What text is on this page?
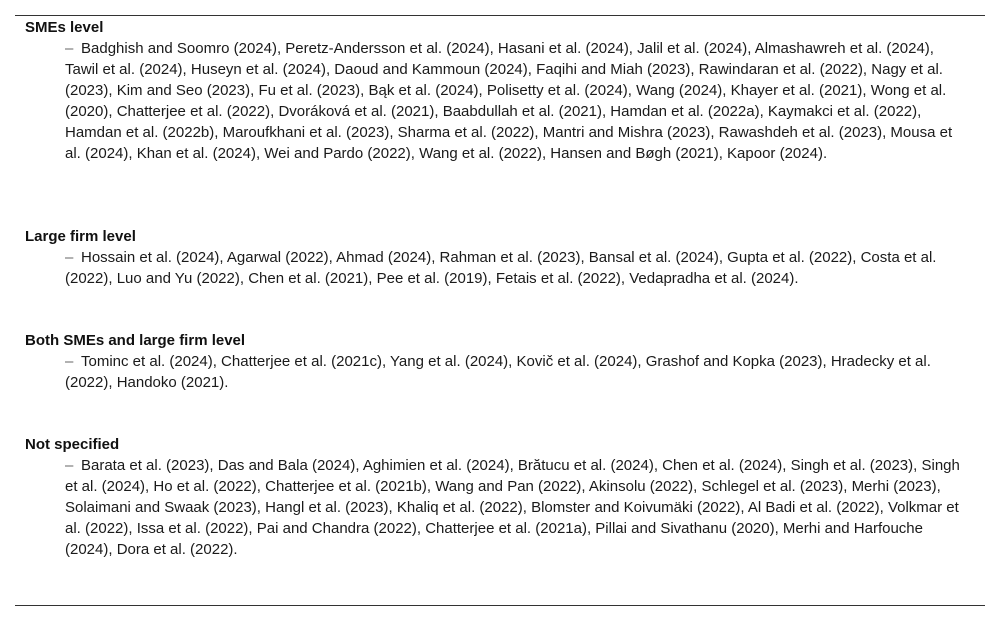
SMEs level
– Badghish and Soomro (2024), Peretz-Andersson et al. (2024), Hasani et al. (2024), Jalil et al. (2024), Almashawreh et al. (2024), Tawil et al. (2024), Huseyn et al. (2024), Daoud and Kammoun (2024), Faqihi and Miah (2023), Rawindaran et al. (2022), Nagy et al. (2023), Kim and Seo (2023), Fu et al. (2023), Bąk et al. (2024), Polisetty et al. (2024), Wang (2024), Khayer et al. (2021), Wong et al. (2020), Chatterjee et al. (2022), Dvoráková et al. (2021), Baabdullah et al. (2021), Hamdan et al. (2022a), Kaymakci et al. (2022), Hamdan et al. (2022b), Maroufkhani et al. (2023), Sharma et al. (2022), Mantri and Mishra (2023), Rawashdeh et al. (2023), Mousa et al. (2024), Khan et al. (2024), Wei and Pardo (2022), Wang et al. (2022), Hansen and Bøgh (2021), Kapoor (2024).
Large firm level
– Hossain et al. (2024), Agarwal (2022), Ahmad (2024), Rahman et al. (2023), Bansal et al. (2024), Gupta et al. (2022), Costa et al. (2022), Luo and Yu (2022), Chen et al. (2021), Pee et al. (2019), Fetais et al. (2022), Vedapradha et al. (2024).
Both SMEs and large firm level
– Tominc et al. (2024), Chatterjee et al. (2021c), Yang et al. (2024), Kovič et al. (2024), Grashof and Kopka (2023), Hradecky et al. (2022), Handoko (2021).
Not specified
– Barata et al. (2023), Das and Bala (2024), Aghimien et al. (2024), Brătucu et al. (2024), Chen et al. (2024), Singh et al. (2023), Singh et al. (2024), Ho et al. (2022), Chatterjee et al. (2021b), Wang and Pan (2022), Akinsolu (2022), Schlegel et al. (2023), Merhi (2023), Solaimani and Swaak (2023), Hangl et al. (2023), Khaliq et al. (2022), Blomster and Koivumäki (2022), Al Badi et al. (2022), Volkmar et al. (2022), Issa et al. (2022), Pai and Chandra (2022), Chatterjee et al. (2021a), Pillai and Sivathanu (2020), Merhi and Harfouche (2024), Dora et al. (2022).
